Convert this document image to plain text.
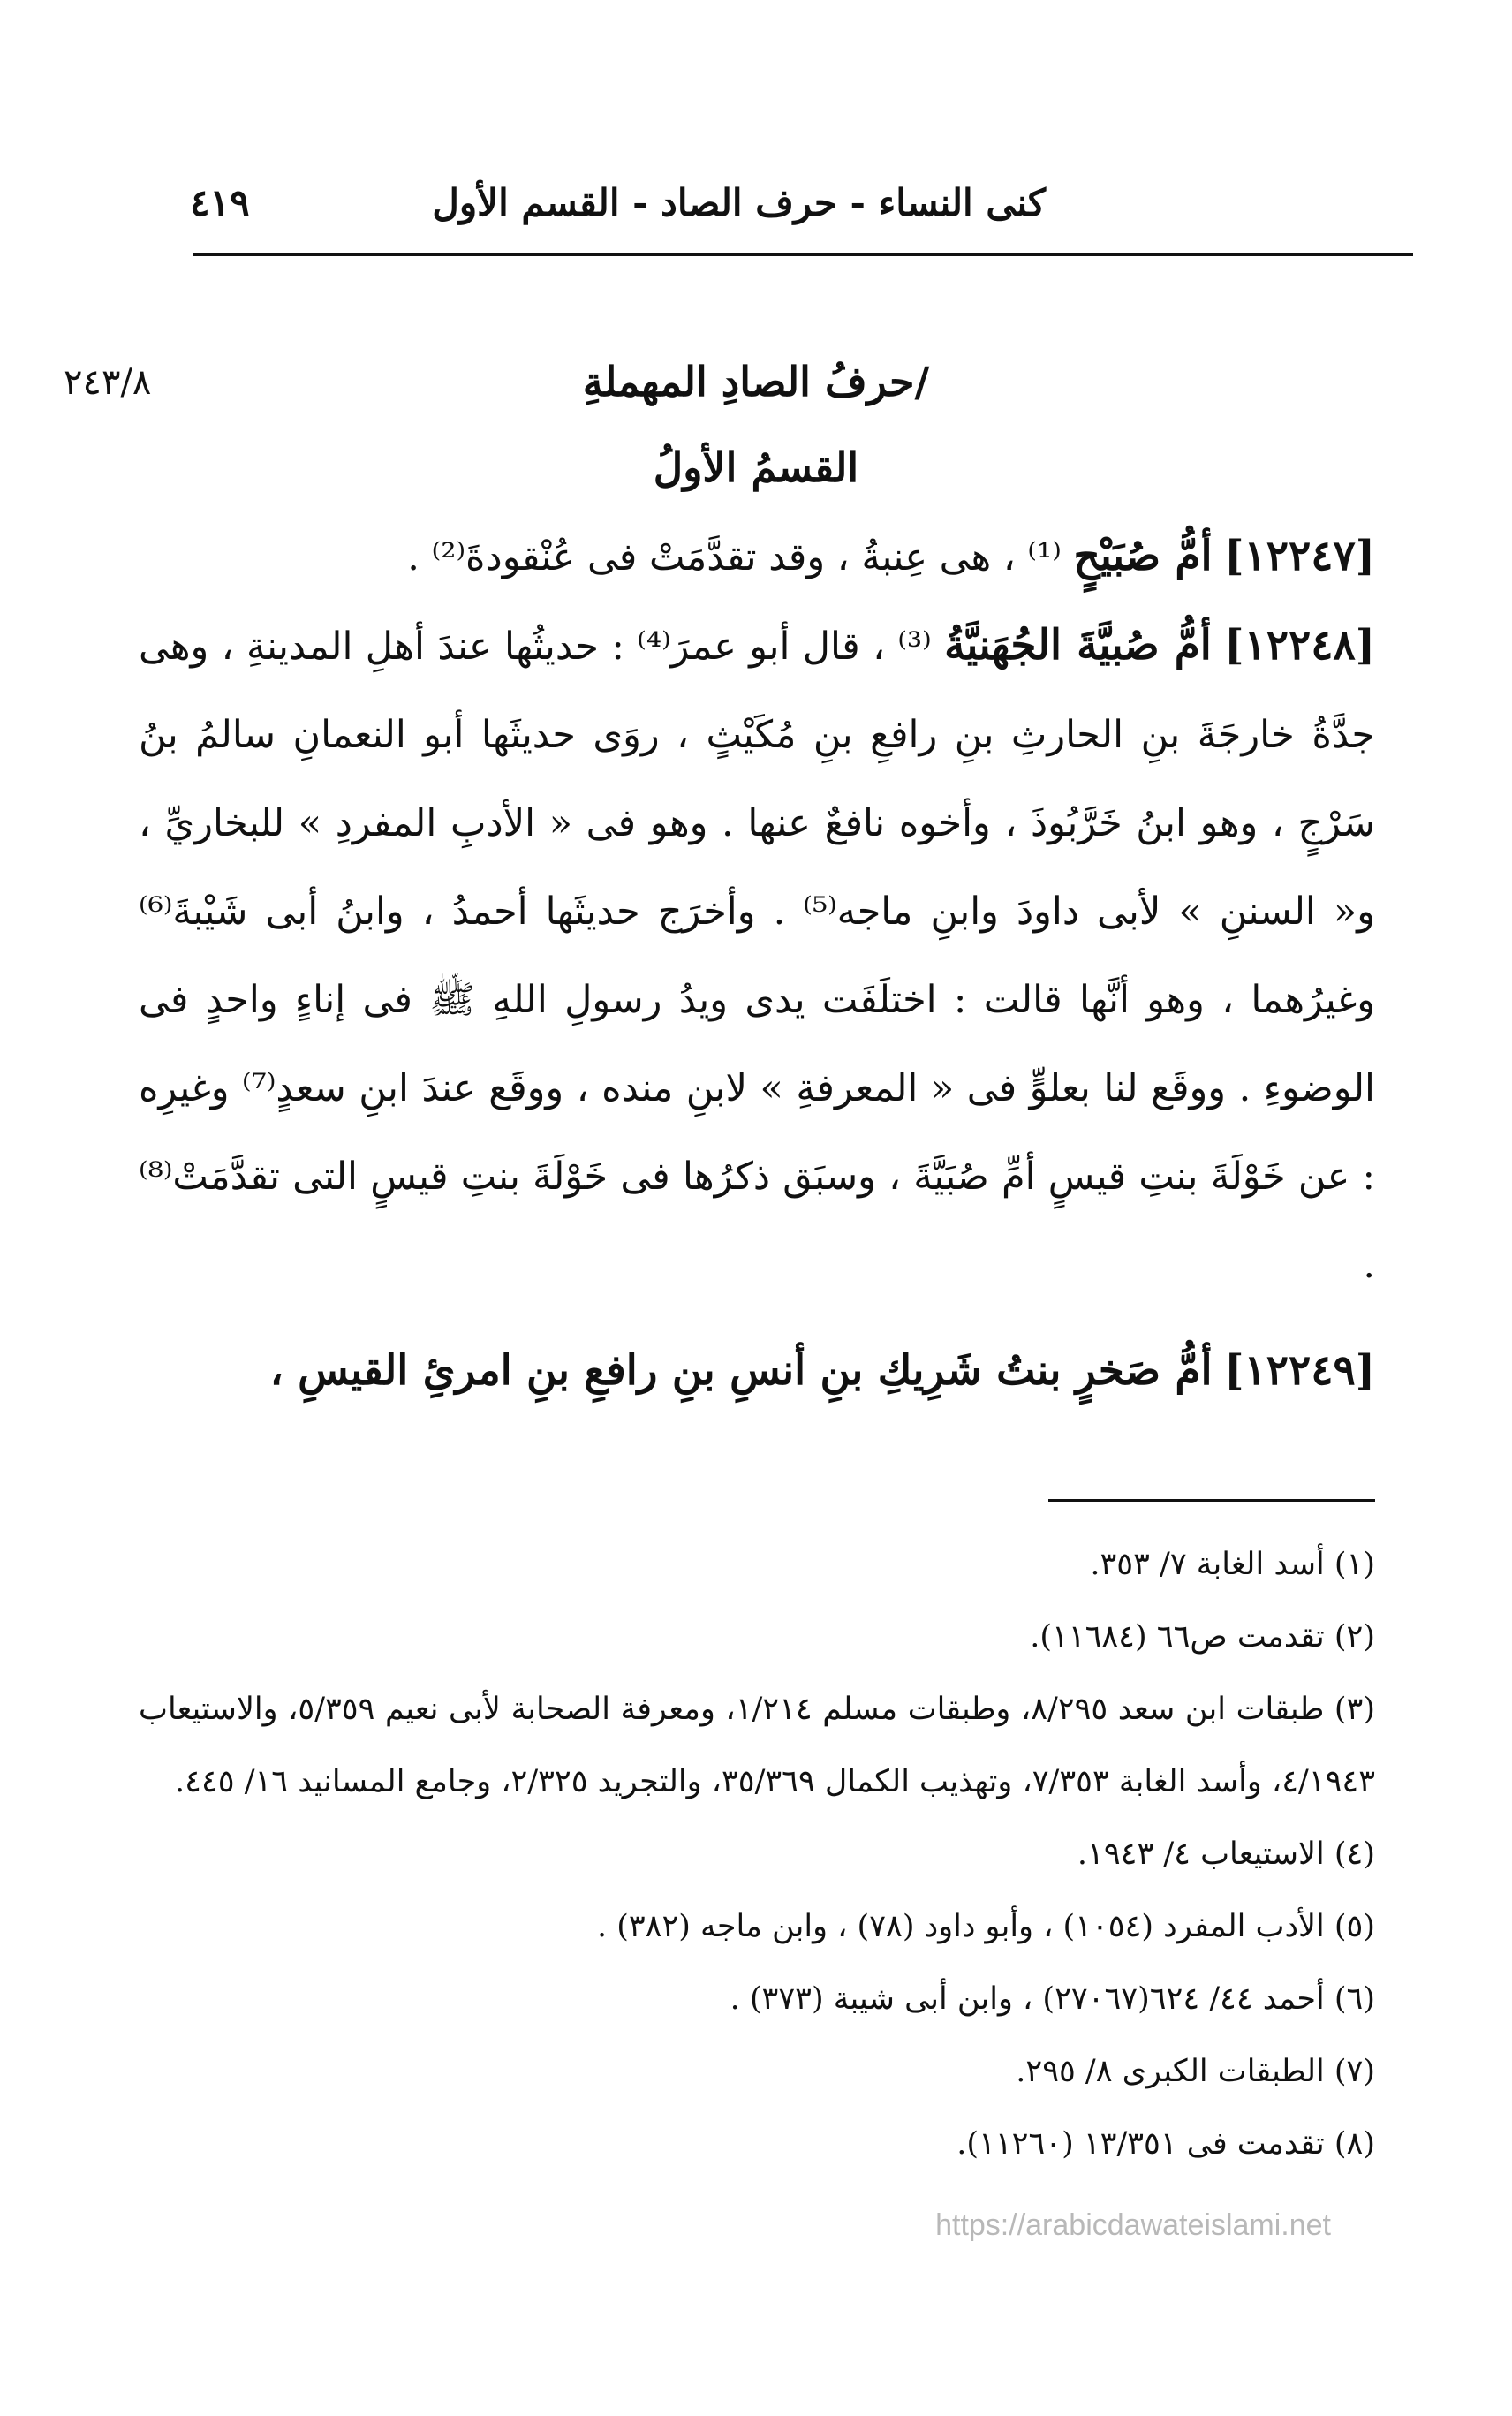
كنى النساء - حرف الصاد - القسم الأول
٤١٩
٢٤٣/٨	/حرفُ الصادِ المهملةِ
القسمُ الأولُ

[١٢٢٤٧] أمُّ صُبَيْحٍ ⁽¹⁾ ، هى عِنبةُ ، وقد تقدَّمَتْ فى عُنْقودةَ⁽²⁾ .

[١٢٢٤٨] أمُّ صُبيَّةَ الجُهَنيَّةُ ⁽³⁾ ، قال أبو عمرَ⁽⁴⁾ : حديثُها عندَ أهلِ المدينةِ ، وهى جدَّةُ خارجَةَ بنِ الحارثِ بنِ رافعِ بنِ مُكَيْثٍ ، روَى حديثَها أبو النعمانِ سالمُ بنُ سَرْجٍ ، وهو ابنُ خَرَّبُوذَ ، وأخوه نافعٌ عنها . وهو فى « الأدبِ المفردِ » للبخاريِّ ، و« السننِ » لأبى داودَ وابنِ ماجه⁽⁵⁾ . وأخرَج حديثَها أحمدُ ، وابنُ أبى شَيْبةَ⁽⁶⁾ وغيرُهما ، وهو أنَّها قالت : اختلَفَت يدى ويدُ رسولِ اللهِ ﷺ فى إناءٍ واحدٍ فى الوضوءِ . ووقَع لنا بعلوٍّ فى « المعرفةِ » لابنِ منده ، ووقَع عندَ ابنِ سعدٍ⁽⁷⁾ وغيرِه : عن خَوْلَةَ بنتِ قيسٍ أمِّ صُبَيَّةَ ، وسبَق ذكرُها فى خَوْلَةَ بنتِ قيسٍ التى تقدَّمَتْ⁽⁸⁾ .

[١٢٢٤٩] أمُّ صَخرٍ بنتُ شَرِيكِ بنِ أنسِ بنِ رافعِ بنِ امرئِ القيسِ ،

(١) أسد الغابة ٧/ ٣٥٣.

(٢) تقدمت ص٦٦ (١١٦٨٤).

(٣) طبقات ابن سعد ٨/٢٩٥، وطبقات مسلم ١/٢١٤، ومعرفة الصحابة لأبى نعيم ٥/٣٥٩، والاستيعاب ٤/١٩٤٣، وأسد الغابة ٧/٣٥٣، وتهذيب الكمال ٣٥/٣٦٩، والتجريد ٢/٣٢٥، وجامع المسانيد ١٦/ ٤٤٥.

(٤) الاستيعاب ٤/ ١٩٤٣.

(٥) الأدب المفرد (١٠٥٤) ، وأبو داود (٧٨) ، وابن ماجه (٣٨٢) .

(٦) أحمد ٤٤/ ٦٢٤(٢٧٠٦٧) ، وابن أبى شيبة (٣٧٣) .

(٧) الطبقات الكبرى ٨/ ٢٩٥.

(٨) تقدمت فى ١٣/٣٥١ (١١٢٦٠).

https://arabicdawateislami.net
